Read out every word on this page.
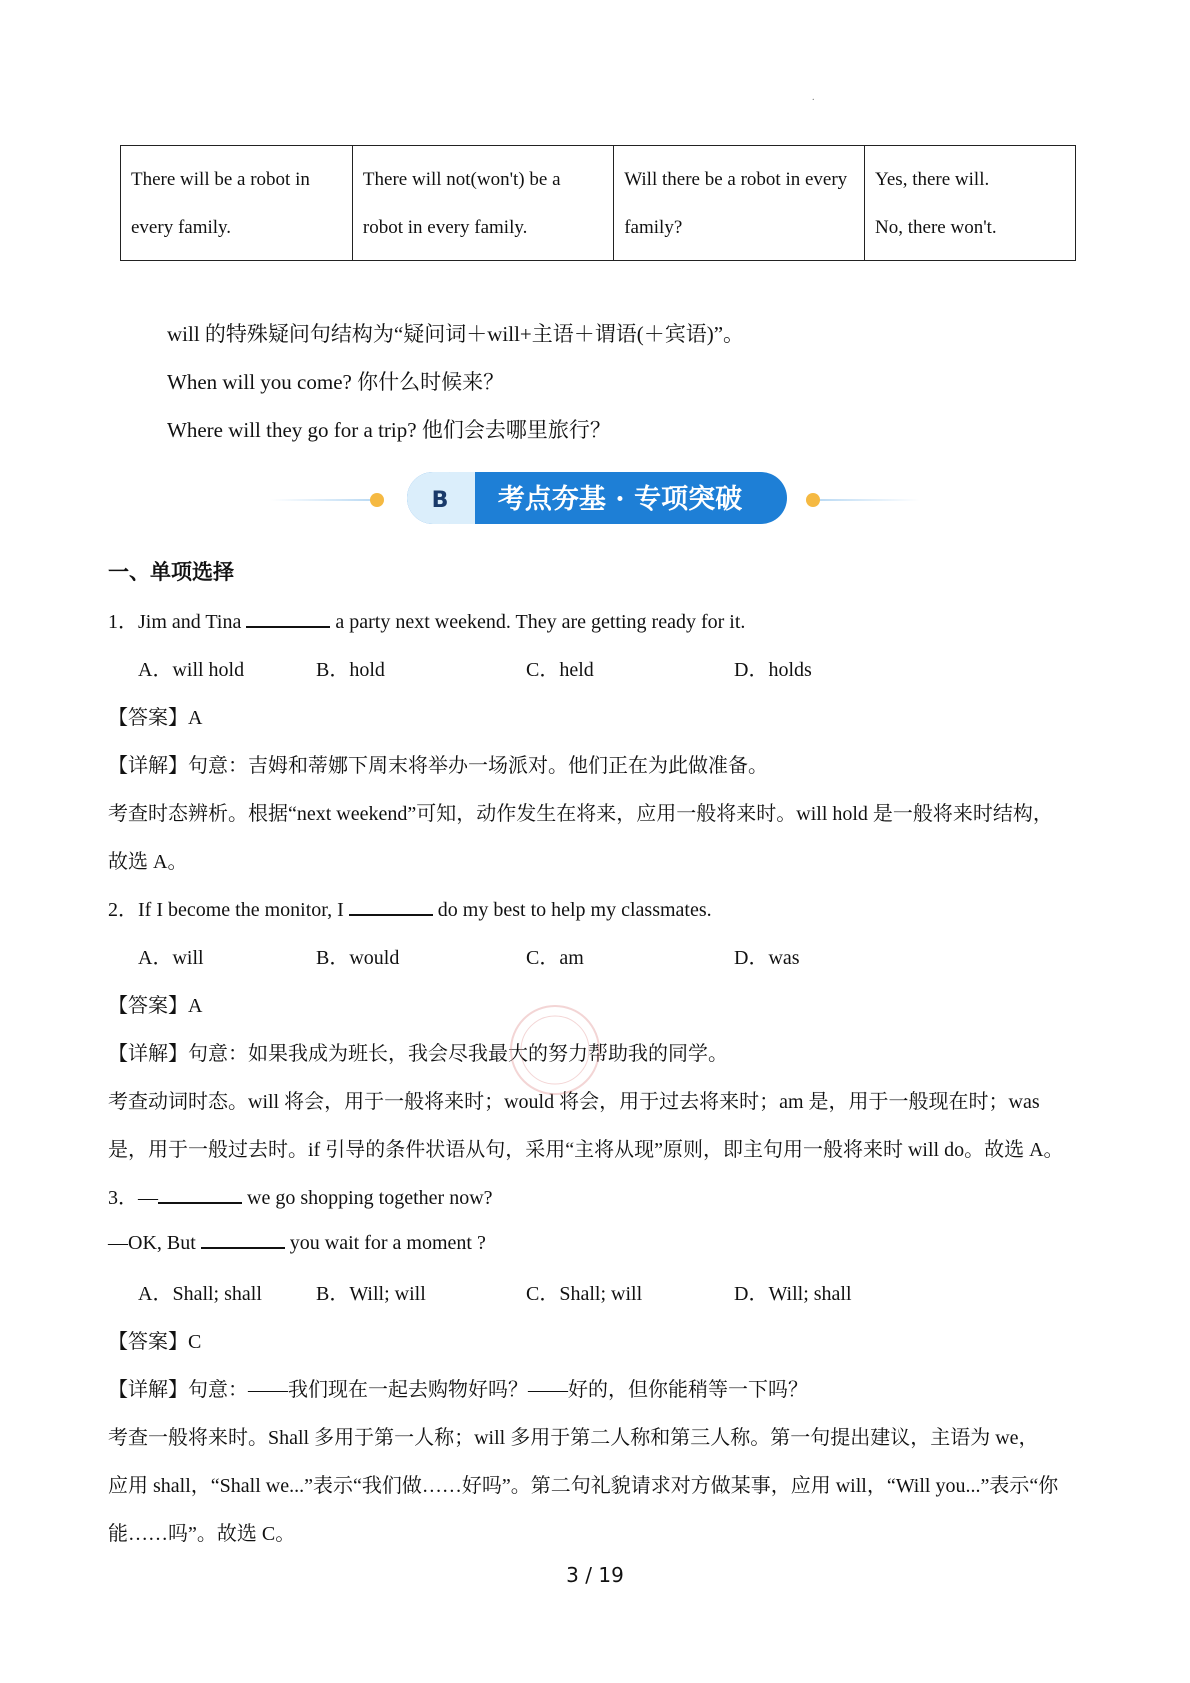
.
There will be a robot in every family.	There will not(won't) be a robot in every family.	Will there be a robot in every family?	Yes, there will.
No, there won't.
will 的特殊疑问句结构为“疑问词＋will+主语＋谓语(＋宾语)”。
When will you come? 你什么时候来？
Where will they go for a trip? 他们会去哪里旅行？
B 考点夯基 · 专项突破
一、单项选择
1．Jim and Tina	a party next weekend. They are getting ready for it.
A．will hold	B．hold	C．held	D．holds
【答案】A
【详解】句意：吉姆和蒂娜下周末将举办一场派对。他们正在为此做准备。
考查时态辨析。根据“next weekend”可知，动作发生在将来，应用一般将来时。will hold 是一般将来时结构，
故选 A。
2．If I become the monitor, I	do my best to help my classmates.
A．will	B．would	C．am	D．was
【答案】A
【详解】句意：如果我成为班长，我会尽我最大的努力帮助我的同学。
考查动词时态。will 将会，用于一般将来时；would 将会，用于过去将来时；am 是，用于一般现在时；was
是，用于一般过去时。if 引导的条件状语从句，采用“主将从现”原则，即主句用一般将来时 will do。故选 A。
3．—	we go shopping together now?
—OK, But	you wait for a moment ?
A．Shall; shall	B．Will; will	C．Shall; will	D．Will; shall
【答案】C
【详解】句意：——我们现在一起去购物好吗？——好的，但你能稍等一下吗？
考查一般将来时。Shall 多用于第一人称；will 多用于第二人称和第三人称。第一句提出建议，主语为 we，
应用 shall，“Shall we...”表示“我们做……好吗”。第二句礼貌请求对方做某事，应用 will，“Will you...”表示“你
能……吗”。故选 C。
3 / 19
